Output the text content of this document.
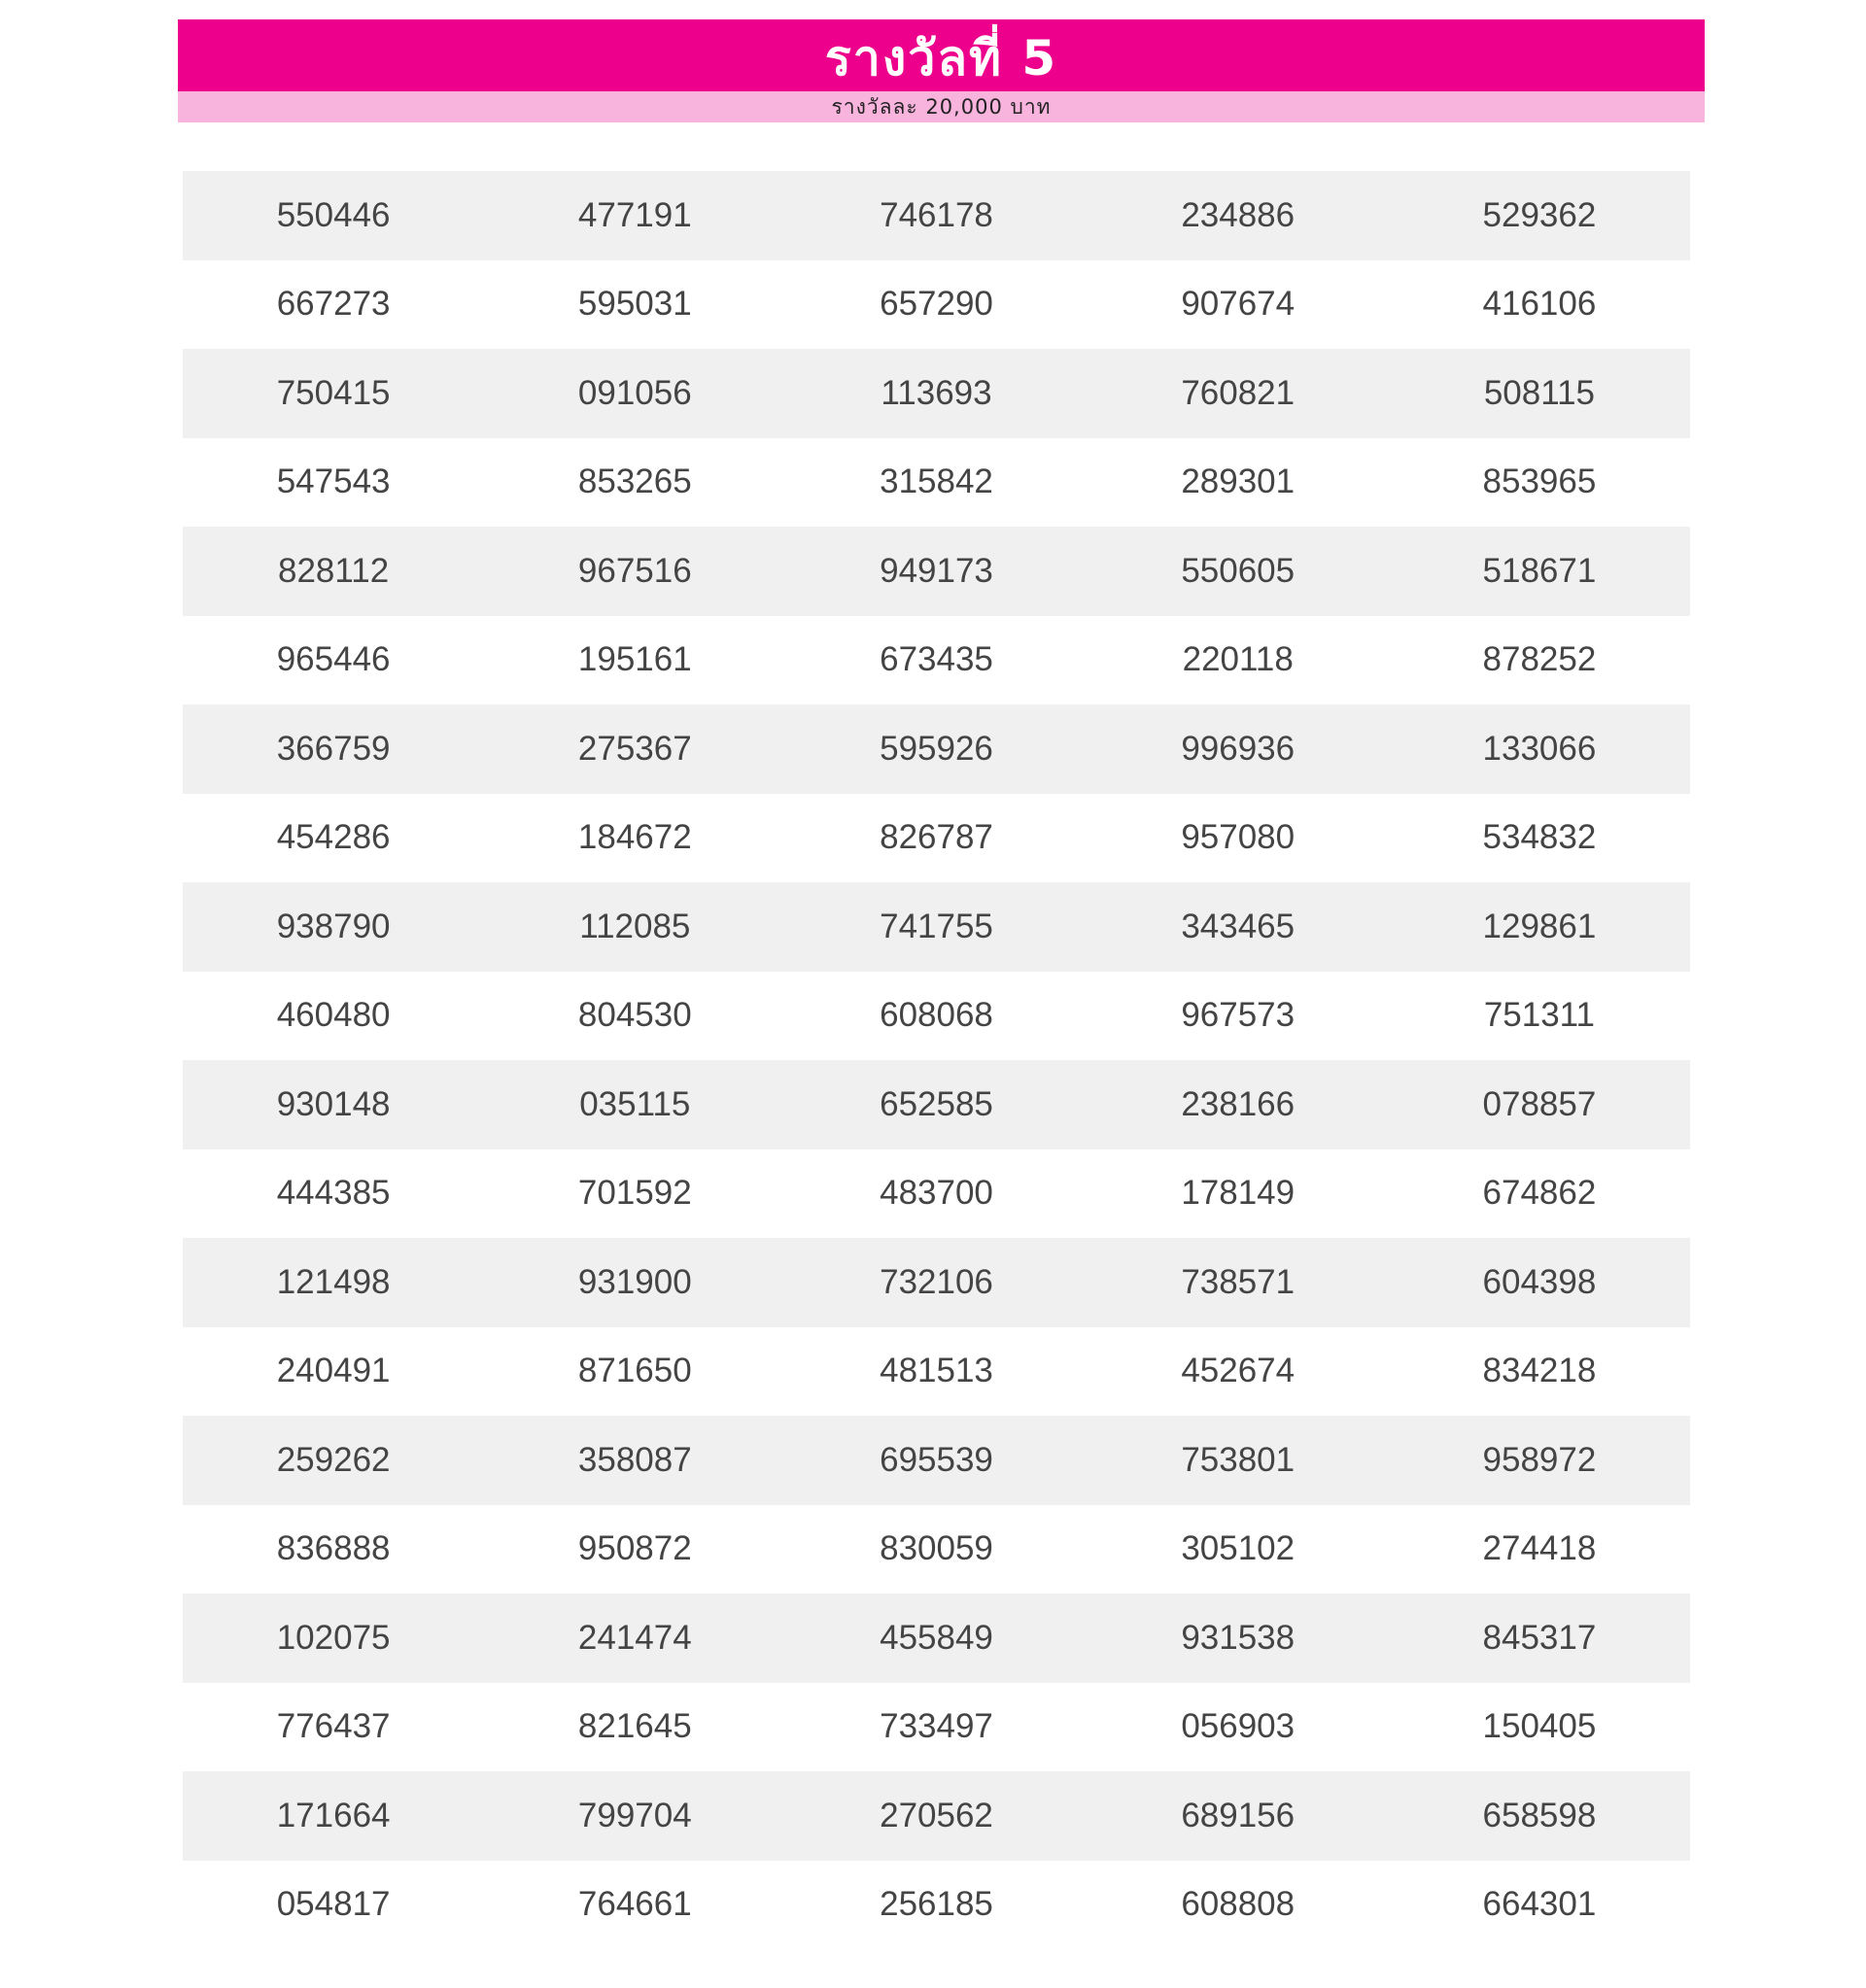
รางวัลที่ 5
รางวัลละ 20,000 บาท
550446	477191	746178	234886	529362
667273	595031	657290	907674	416106
750415	091056	113693	760821	508115
547543	853265	315842	289301	853965
828112	967516	949173	550605	518671
965446	195161	673435	220118	878252
366759	275367	595926	996936	133066
454286	184672	826787	957080	534832
938790	112085	741755	343465	129861
460480	804530	608068	967573	751311
930148	035115	652585	238166	078857
444385	701592	483700	178149	674862
121498	931900	732106	738571	604398
240491	871650	481513	452674	834218
259262	358087	695539	753801	958972
836888	950872	830059	305102	274418
102075	241474	455849	931538	845317
776437	821645	733497	056903	150405
171664	799704	270562	689156	658598
054817	764661	256185	608808	664301
